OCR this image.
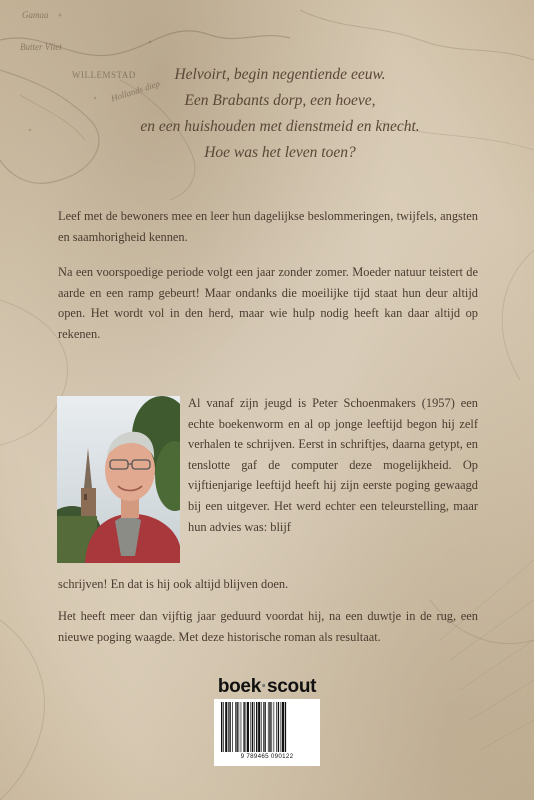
Gamaa
Butter Vliet
Hollands diep
WILLEMSTAD	Helvoirt, begin negentiende eeuw.
Een Brabants dorp, een hoeve,
en een huishouden met dienstmeid en knecht.
Hoe was het leven toen?
Leef met de bewoners mee en leer hun dagelijkse beslommeringen, twijfels, angsten en saamhorigheid kennen.
Na een voorspoedige periode volgt een jaar zonder zomer. Moeder natuur teistert de aarde en een ramp gebeurt! Maar ondanks die moeilijke tijd staat hun deur altijd open. Het wordt vol in den herd, maar wie hulp nodig heeft kan daar altijd op rekenen.
Al vanaf zijn jeugd is Peter Schoenmakers (1957) een echte boekenworm en al op jonge leeftijd begon hij zelf verhalen te schrijven. Eerst in schriftjes, daarna getypt, en tenslotte gaf de computer deze mogelijkheid. Op vijftienjarige leeftijd heeft hij zijn eerste poging gewaagd bij een uitgever. Het werd echter een teleurstelling, maar hun advies was: blijf
schrijven! En dat is hij ook altijd blijven doen.
Het heeft meer dan vijftig jaar geduurd voordat hij, na een duwtje in de rug, een nieuwe poging waagde. Met deze historische roman als resultaat.
boek·scout
9 789465 090122
